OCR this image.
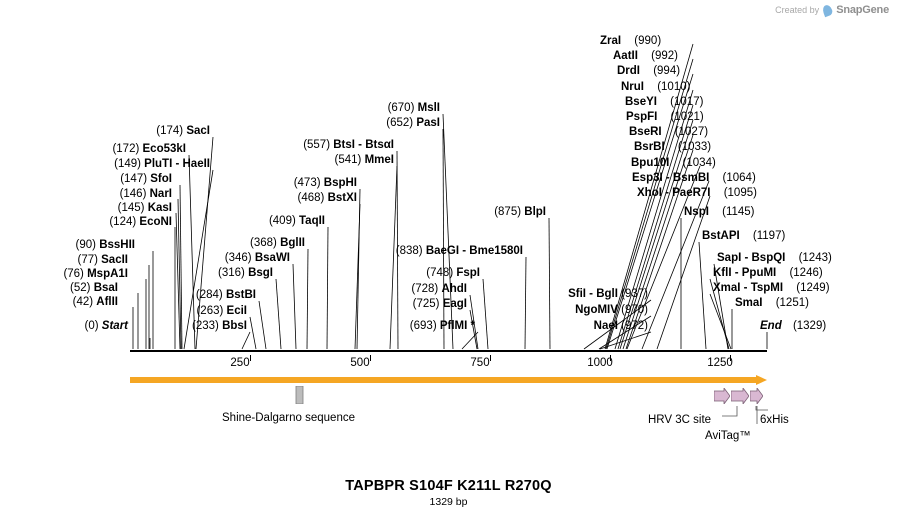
Created by SnapGene
(0) Start
(42) AflII
(52) BsaI
(76) MspA1I
(77) SacII
(90) BssHII
(124) EcoNI
(145) KasI
(146) NarI
(147) SfoI
(149) PluTI - HaeII
(172) Eco53kI
(174) SacI
(233) BbsI
(263) EciI
(284) BstBI
(316) BsgI
(346) BsaWI
(368) BglII
(409) TaqII
(468) BstXI
(473) BspHI
(541) MmeI
(557) BtsI - BtsαI
(652) PasI
(670) MslI
(693) PflMI *
(725) EagI
(728) AhdI
(748) FspI
(838) BaeGI - Bme1580I
(875) BlpI
NaeI (972)
NgoMIV (970)
SfiI - BglI (937)
ZraI (990)
AatII (992)
DrdI (994)
NruI (1010)
BseYI (1017)
PspFI (1021)
BseRI (1027)
BsrBI (1033)
Bpu10I (1034)
Esp3I - BsmBI (1064)
XhoI - PaeR7I (1095)
NspI (1145)
BstAPI (1197)
SapI - BspQI (1243)
KflI - PpuMI (1246)
XmaI - TspMI (1249)
SmaI (1251)
End (1329)
250	500	750	1000	1250
Shine-Dalgarno sequence	HRV 3C site	6xHis
AviTag™
TAPBPR S104F K211L R270Q
1329 bp
